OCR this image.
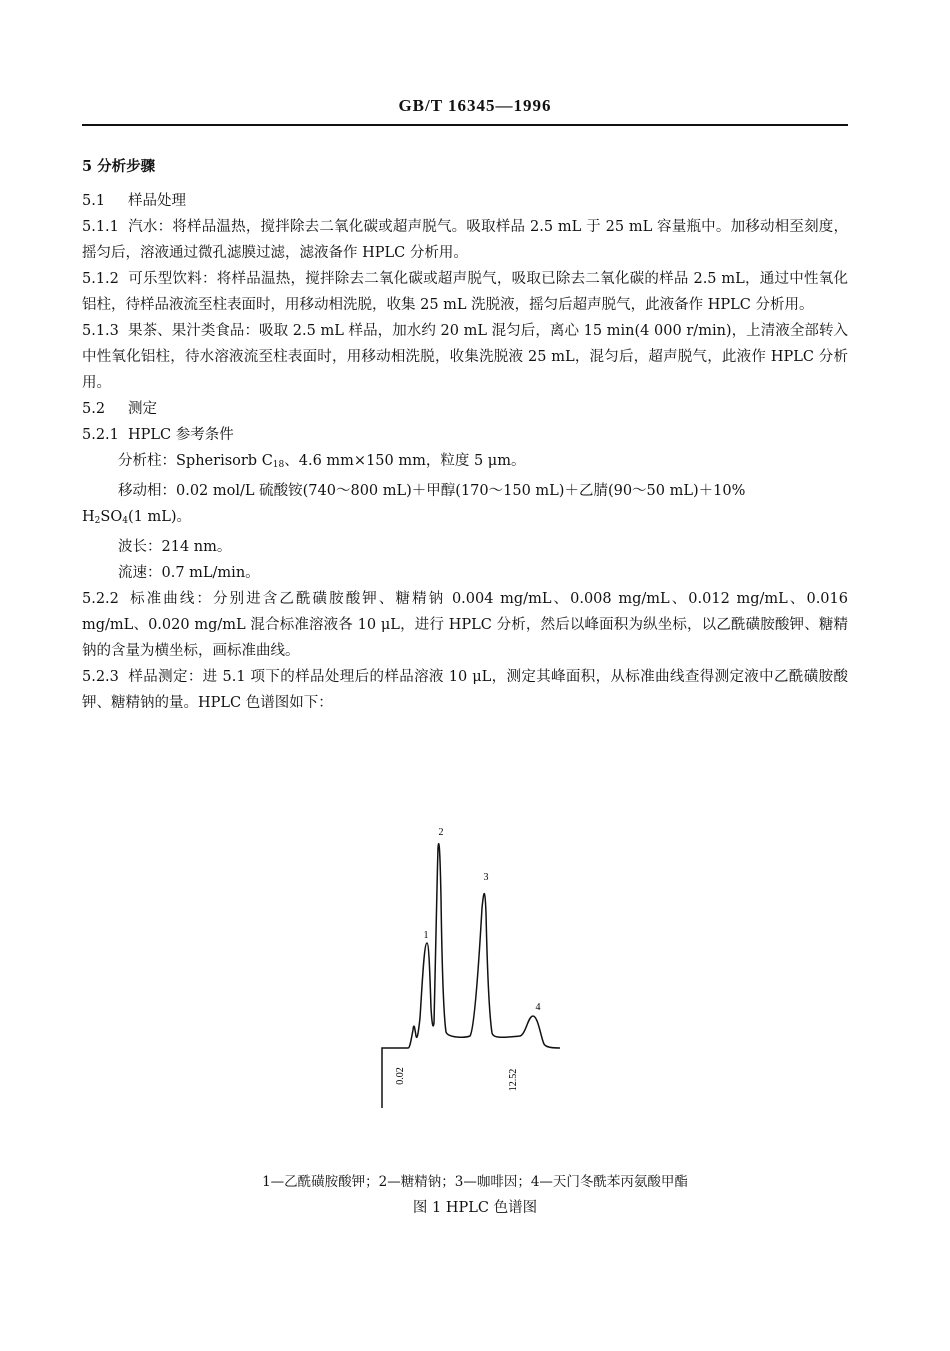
GB/T 16345—1996

5 分析步骤

5.1 样品处理

5.1.1 汽水：将样品温热，搅拌除去二氧化碳或超声脱气。吸取样品 2.5 mL 于 25 mL 容量瓶中。加移动相至刻度，摇匀后，溶液通过微孔滤膜过滤，滤液备作 HPLC 分析用。

5.1.2 可乐型饮料：将样品温热，搅拌除去二氧化碳或超声脱气，吸取已除去二氧化碳的样品 2.5 mL，通过中性氧化铝柱，待样品液流至柱表面时，用移动相洗脱，收集 25 mL 洗脱液，摇匀后超声脱气，此液备作 HPLC 分析用。

5.1.3 果茶、果汁类食品：吸取 2.5 mL 样品，加水约 20 mL 混匀后，离心 15 min(4 000 r/min)，上清液全部转入中性氧化铝柱，待水溶液流至柱表面时，用移动相洗脱，收集洗脱液 25 mL，混匀后，超声脱气，此液作 HPLC 分析用。

5.2 测定

5.2.1 HPLC 参考条件

分析柱：Spherisorb $C_{18}$、4.6 mm×150 mm，粒度 5 μm。

移动相：0.02 mol/L 硫酸铵(740～800 mL)＋甲醇(170～150 mL)＋乙腈(90～50 mL)＋10%

$H_2SO_4(1$ mL)。

波长：214 nm。

流速：0.7 mL/min。

5.2.2 标准曲线：分别进含乙酰磺胺酸钾、糖精钠 0.004 mg/mL、0.008 mg/mL、0.012 mg/mL、0.016 mg/mL、0.020 mg/mL 混合标准溶液各 10 μL，进行 HPLC 分析，然后以峰面积为纵坐标，以乙酰磺胺酸钾、糖精钠的含量为横坐标，画标准曲线。

5.2.3 样品测定：进 5.1 项下的样品处理后的样品溶液 10 μL，测定其峰面积，从标准曲线查得测定液中乙酰磺胺酸钾、糖精钠的量。HPLC 色谱图如下：

1
2
3
4
0.02	12.52
1—乙酰磺胺酸钾；2—糖精钠；3—咖啡因；4—天门冬酰苯丙氨酸甲酯
图 1 HPLC 色谱图
